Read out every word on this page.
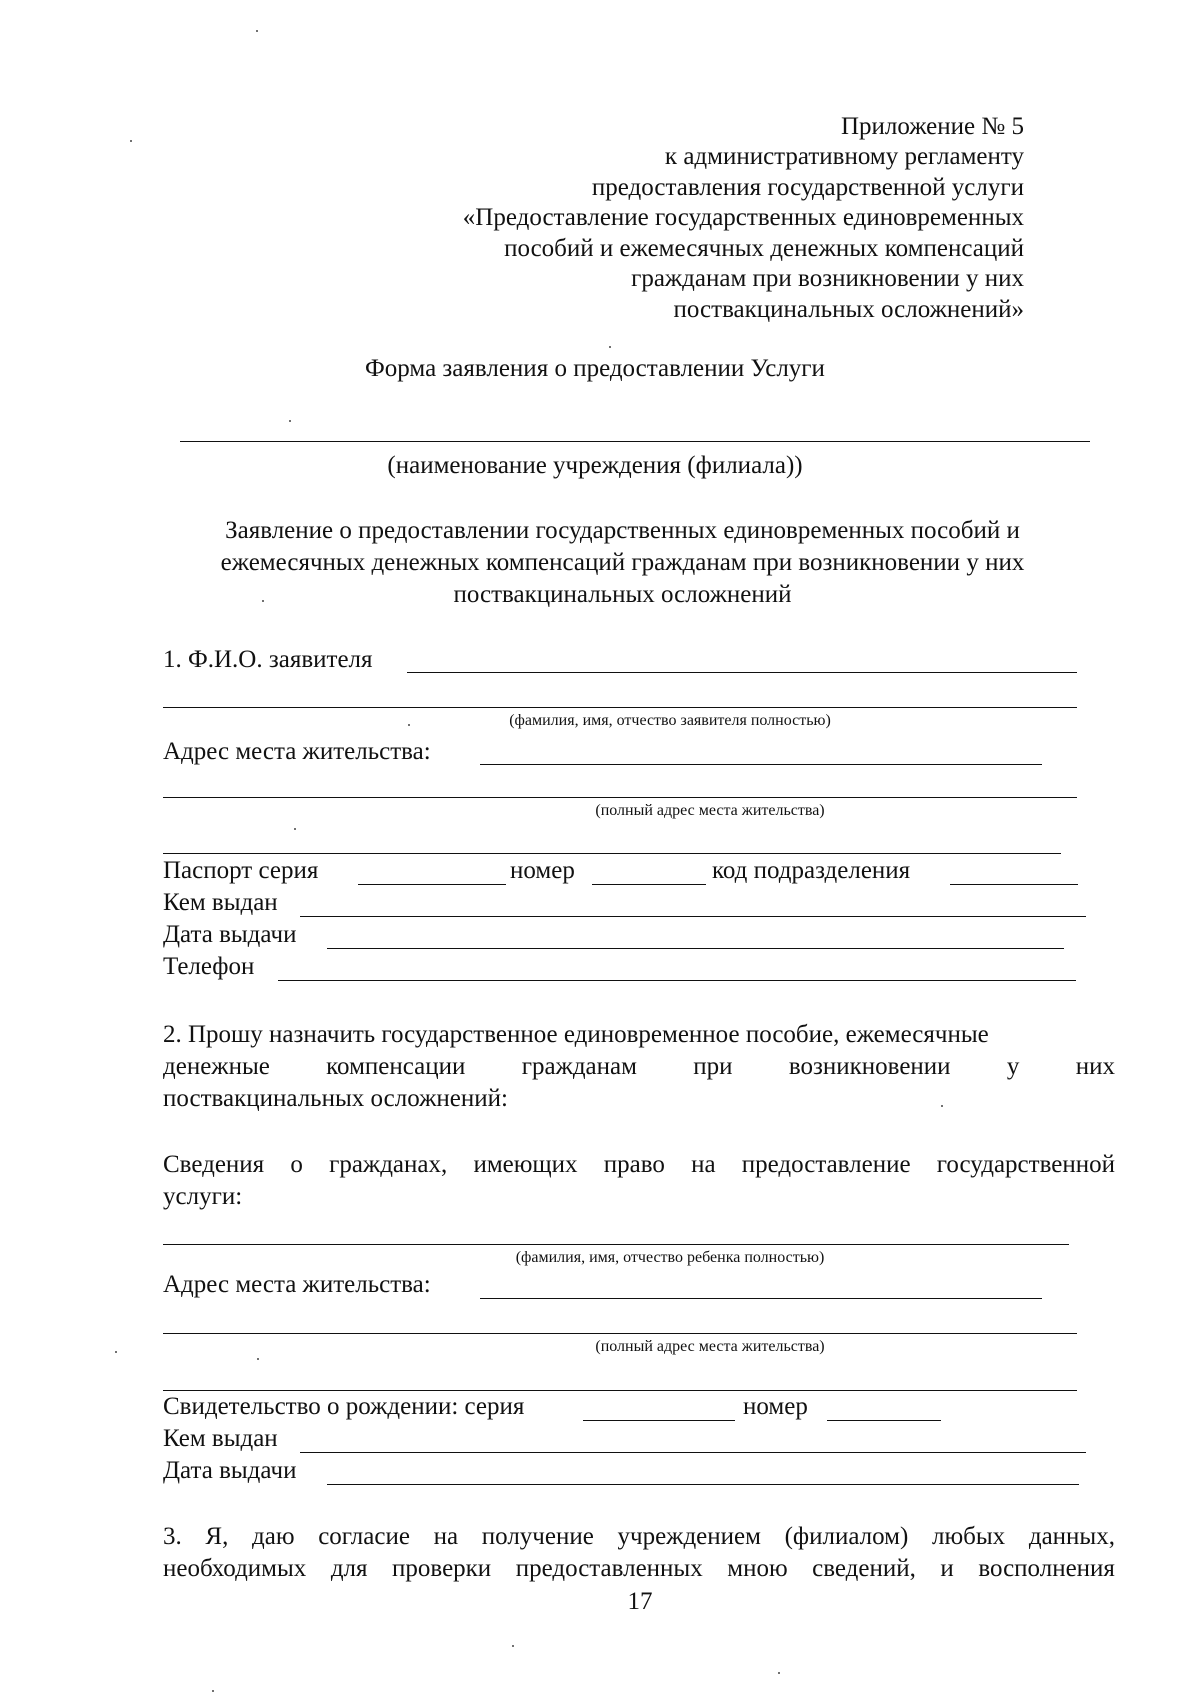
Приложение № 5
к административному регламенту
предоставления государственной услуги
«Предоставление государственных единовременных
пособий и ежемесячных денежных компенсаций
гражданам при возникновении у них
поствакцинальных осложнений»
Форма заявления о предоставлении Услуги
(наименование учреждения (филиала))
Заявление о предоставлении государственных единовременных пособий и
ежемесячных денежных компенсаций гражданам при возникновении у них
поствакцинальных осложнений
1. Ф.И.О. заявителя
(фамилия, имя, отчество заявителя полностью)
Адрес места жительства:
(полный адрес места жительства)
Паспорт серия	номер	код подразделения
Кем выдан
Дата выдачи
Телефон
2. Прошу назначить государственное единовременное пособие, ежемесячные
денежные компенсации гражданам при возникновении у них
поствакцинальных осложнений:
Сведения о гражданах, имеющих право на предоставление государственной
услуги:
(фамилия, имя, отчество ребенка полностью)
Адрес места жительства:
(полный адрес места жительства)
Свидетельство о рождении: серия	номер
Кем выдан
Дата выдачи
3. Я, даю согласие на получение учреждением (филиалом) любых данных,
необходимых для проверки предоставленных мною сведений, и восполнения
17
